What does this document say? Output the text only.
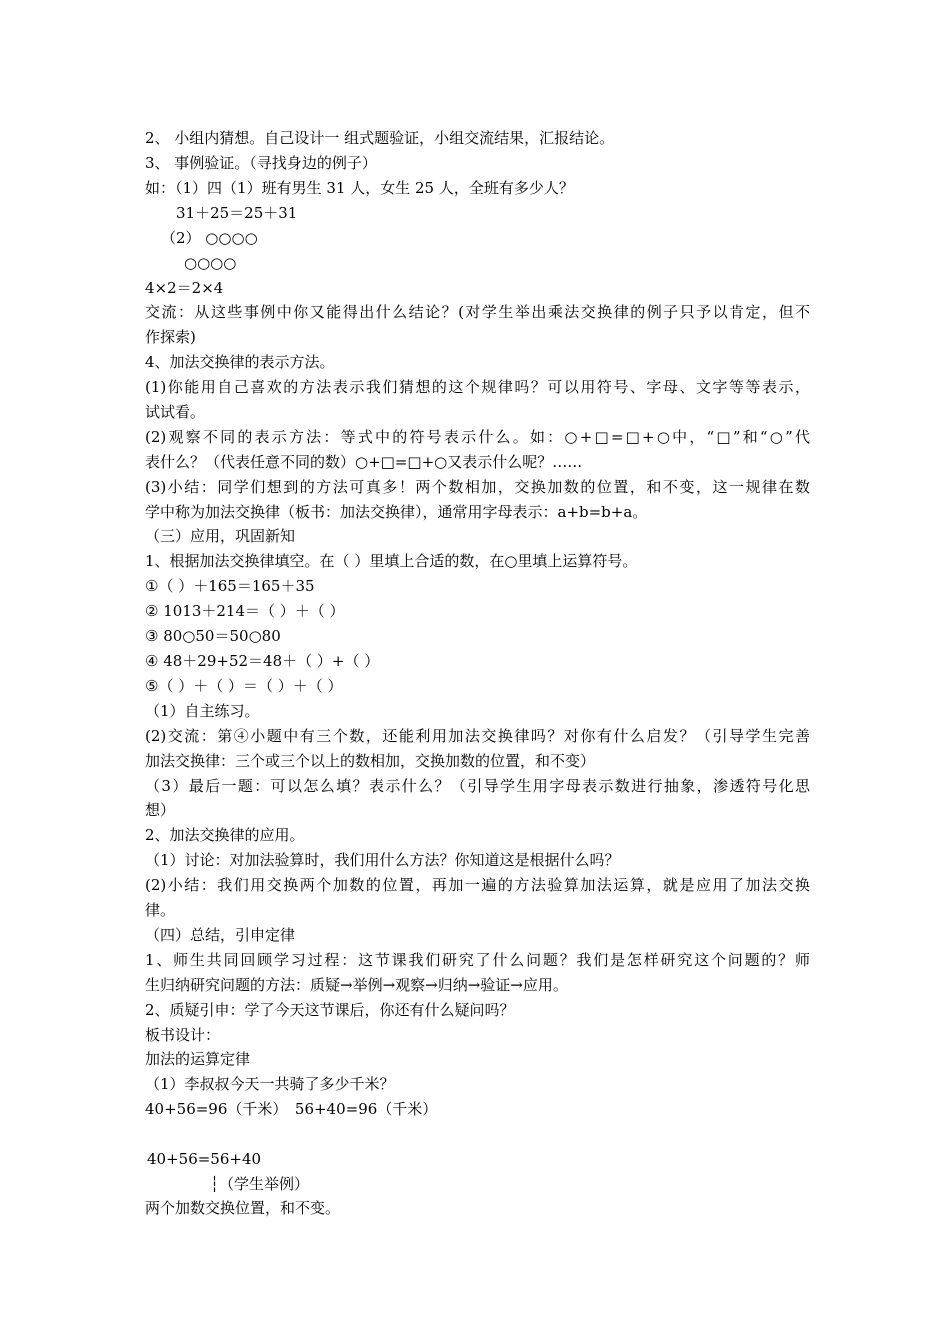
2、 小组内猜想。自己设计一 组式题验证，小组交流结果，汇报结论。
3、 事例验证。（寻找身边的例子）
如：（1）四（1）班有男生 31 人，女生 25 人，全班有多少人？
31＋25＝25＋31
（2） ○○○○
○○○○
4×2＝2×4
交流：从这些事例中你又能得出什么结论？(对学生举出乘法交换律的例子只予以肯定，但不
作探索)
4、加法交换律的表示方法。
(1)你能用自己喜欢的方法表示我们猜想的这个规律吗？可以用符号、字母、文字等等表示，
试试看。
(2)观察不同的表示方法：等式中的符号表示什么。如：○+□=□+○中，“□”和“○”代
表什么？（代表任意不同的数）○+□=□+○又表示什么呢？……
(3)小结：同学们想到的方法可真多！两个数相加，交换加数的位置，和不变，这一规律在数
学中称为加法交换律（板书：加法交换律），通常用字母表示：a+b=b+a。
（三）应用，巩固新知
1、根据加法交换律填空。在（ ）里填上合适的数，在○里填上运算符号。
①（ ）＋165＝165＋35
② 1013＋214＝（ ）＋（ ）
③ 80○50＝50○80
④ 48＋29+52＝48＋（ ）+（ ）
⑤（ ）＋（ ）＝（ ）＋（ ）
（1）自主练习。
(2)交流：第④小题中有三个数，还能利用加法交换律吗？对你有什么启发？（引导学生完善
加法交换律：三个或三个以上的数相加，交换加数的位置，和不变）
（3）最后一题：可以怎么填？表示什么？（引导学生用字母表示数进行抽象，渗透符号化思
想）
2、加法交换律的应用。
（1）讨论：对加法验算时，我们用什么方法？你知道这是根据什么吗？
(2)小结：我们用交换两个加数的位置，再加一遍的方法验算加法运算，就是应用了加法交换
律。
（四）总结，引申定律
1、师生共同回顾学习过程：这节课我们研究了什么问题？我们是怎样研究这个问题的？师
生归纳研究问题的方法：质疑→举例→观察→归纳→验证→应用。
2、质疑引申：学了今天这节课后，你还有什么疑问吗？
板书设计：
加法的运算定律
（1）李叔叔今天一共骑了多少千米？
40+56=96（千米）　56+40=96（千米）
40+56=56+40
┆（学生举例）
两个加数交换位置，和不变。
